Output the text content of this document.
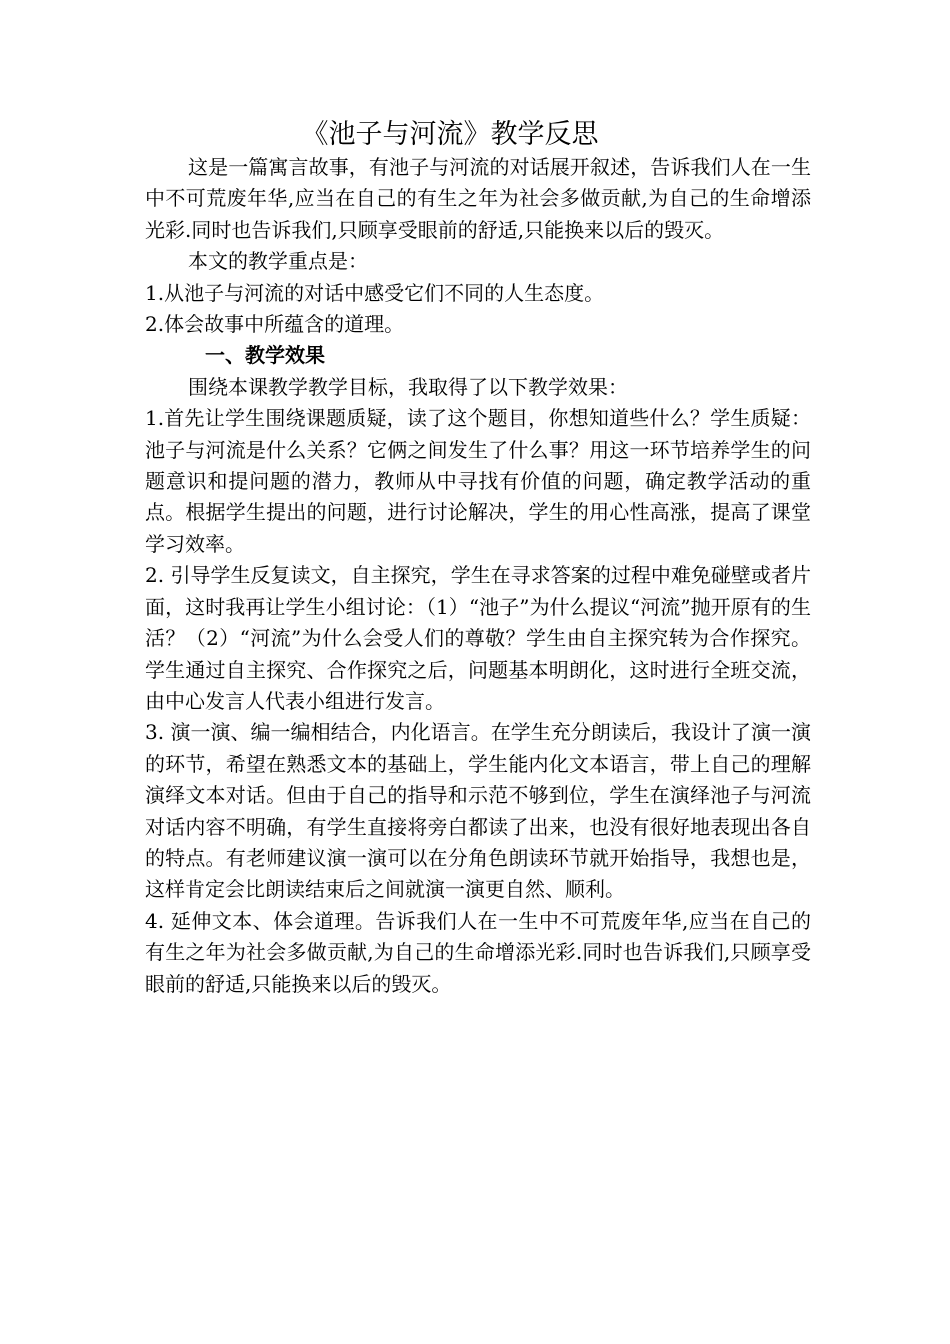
《池子与河流》教学反思

这是一篇寓言故事，有池子与河流的对话展开叙述，告诉我们人在一生中不可荒废年华,应当在自己的有生之年为社会多做贡献,为自己的生命增添光彩.同时也告诉我们,只顾享受眼前的舒适,只能换来以后的毁灭。

本文的教学重点是：

1.从池子与河流的对话中感受它们不同的人生态度。

2.体会故事中所蕴含的道理。

一、教学效果

围绕本课教学教学目标，我取得了以下教学效果：

1.首先让学生围绕课题质疑，读了这个题目，你想知道些什么？学生质疑：池子与河流是什么关系？它俩之间发生了什么事？用这一环节培养学生的问题意识和提问题的潜力，教师从中寻找有价值的问题，确定教学活动的重点。根据学生提出的问题，进行讨论解决，学生的用心性高涨，提高了课堂学习效率。

2. 引导学生反复读文，自主探究，学生在寻求答案的过程中难免碰壁或者片面，这时我再让学生小组讨论：（1）“池子”为什么提议“河流”抛开原有的生活？（2）“河流”为什么会受人们的尊敬？学生由自主探究转为合作探究。学生通过自主探究、合作探究之后，问题基本明朗化，这时进行全班交流，由中心发言人代表小组进行发言。

3. 演一演、编一编相结合，内化语言。在学生充分朗读后，我设计了演一演的环节，希望在熟悉文本的基础上，学生能内化文本语言，带上自己的理解演绎文本对话。但由于自己的指导和示范不够到位，学生在演绎池子与河流对话内容不明确，有学生直接将旁白都读了出来，也没有很好地表现出各自的特点。有老师建议演一演可以在分角色朗读环节就开始指导，我想也是，这样肯定会比朗读结束后之间就演一演更自然、顺利。

4. 延伸文本、体会道理。告诉我们人在一生中不可荒废年华,应当在自己的有生之年为社会多做贡献,为自己的生命增添光彩.同时也告诉我们,只顾享受眼前的舒适,只能换来以后的毁灭。
